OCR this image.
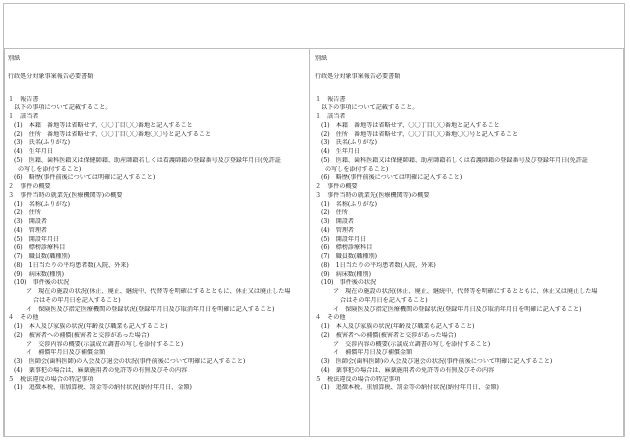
別紙
行政処分対象事案報告必要書類
１　報告書
以下の事項について記載すること。
１　該当者
(1)　本籍　番地等は省略せず、〇〇丁目〇〇番地と記入すること
(2)　住所　番地等は省略せず、〇〇丁目〇〇番地〇〇号と記入すること
(3)　氏名(ふりがな)
(4)　生年月日
(5)　医籍、歯科医籍又は保健師籍、助産師籍若しくは看護師籍の登録番号及び登録年月日(免許証
の写しを添付すること)
(6)　略歴(事件前後については明確に記入すること)
２　事件の概要
３　事件当時の就業先(医療機関等)の概要
(1)　名称(ふりがな)
(2)　住所
(3)　開設者
(4)　管理者
(5)　開設年月日
(6)　標榜診療科目
(7)　職員数(職種別)
(8)　1日当たりの平均患者数(入院、外来)
(9)　病床数(種別)
(10)　事件後の状況
ア　現在の施設の状況(休止、廃止、継続中、代替等を明確にするとともに、休止又は廃止した場
合はその年月日を記入すること)
イ　保険医及び指定医療機関の登録状況(登録年月日及び取消年月日を明確に記入すること)
４　その他
(1)　本人及び家族の状況(年齢及び職業も記入すること)
(2)　被害者への補償(被害者と交渉があった場合)
ア　交渉内容の概要(示談成立調書の写しを添付すること)
イ　補償年月日及び補償金額
(3)　医師会(歯科医師)の入会及び退会の状況(事件前後について明確に記入すること)
(4)　薬事犯の場合は、麻薬施用者の免許等の有無及びその内容
５　税法違反の場合の特記事項
(1)　追徴本税、重加算税、罰金等の納付状況(納付年月日、金額)
別紙
行政処分対象事案報告必要書類
１　報告書
以下の事項について記載すること。
１　該当者
(1)　本籍　番地等は省略せず、〇〇丁目〇〇番地と記入すること
(2)　住所　番地等は省略せず、〇〇丁目〇〇番地〇〇号と記入すること
(3)　氏名(ふりがな)
(4)　生年月日
(5)　医籍、歯科医籍又は保健師籍、助産師籍若しくは看護師籍の登録番号及び登録年月日(免許証
の写しを添付すること)
(6)　略歴(事件前後については明確に記入すること)
２　事件の概要
３　事件当時の就業先(医療機関等)の概要
(1)　名称(ふりがな)
(2)　住所
(3)　開設者
(4)　管理者
(5)　開設年月日
(6)　標榜診療科目
(7)　職員数(職種別)
(8)　1日当たりの平均患者数(入院、外来)
(9)　病床数(種別)
(10)　事件後の状況
ア　現在の施設の状況(休止、廃止、継続中、代替等を明確にするとともに、休止又は廃止した場
合はその年月日を記入すること)
イ　保険医及び指定医療機関の登録状況(登録年月日及び取消年月日を明確に記入すること)
４　その他
(1)　本人及び家族の状況(年齢及び職業も記入すること)
(2)　被害者への補償(被害者と交渉があった場合)
ア　交渉内容の概要(示談成立調書の写しを添付すること)
イ　補償年月日及び補償金額
(3)　医師会(歯科医師)の入会及び退会の状況(事件前後について明確に記入すること)
(4)　薬事犯の場合は、麻薬施用者の免許等の有無及びその内容
５　税法違反の場合の特記事項
(1)　追徴本税、重加算税、罰金等の納付状況(納付年月日、金額)
